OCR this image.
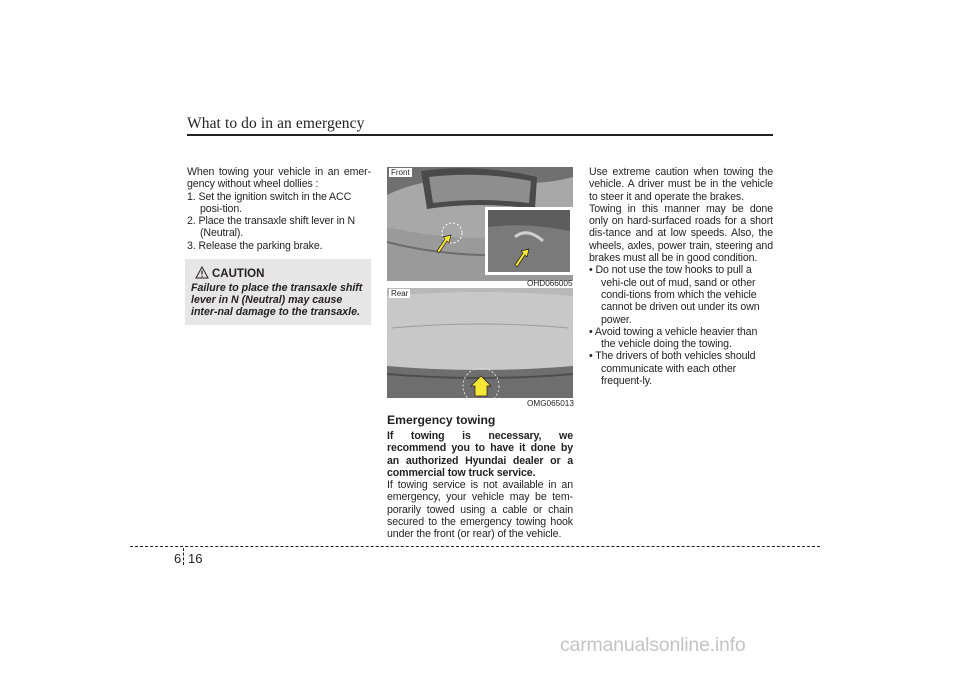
What to do in an emergency

When towing your vehicle in an emer-gency without wheel dollies :

1. Set the ignition switch in the ACC posi-tion.

2. Place the transaxle shift lever in N (Neutral).

3. Release the parking brake.

CAUTION
Failure to place the transaxle shift lever in N (Neutral) may cause inter-nal damage to the transaxle.
Front
OHD066005
Rear
OMG065013
Emergency towing

If towing is necessary, we recommend you to have it done by an authorized Hyundai dealer or a commercial tow truck service.

If towing service is not available in an emergency, your vehicle may be tem-porarily towed using a cable or chain secured to the emergency towing hook under the front (or rear) of the vehicle.

Use extreme caution when towing the vehicle. A driver must be in the vehicle to steer it and operate the brakes.

Towing in this manner may be done only on hard-surfaced roads for a short dis-tance and at low speeds. Also, the wheels, axles, power train, steering and brakes must all be in good condition.

• Do not use the tow hooks to pull a vehi-cle out of mud, sand or other condi-tions from which the vehicle cannot be driven out under its own power.

• Avoid towing a vehicle heavier than the vehicle doing the towing.

• The drivers of both vehicles should communicate with each other frequent-ly.

6 16
carmanualsonline.info
